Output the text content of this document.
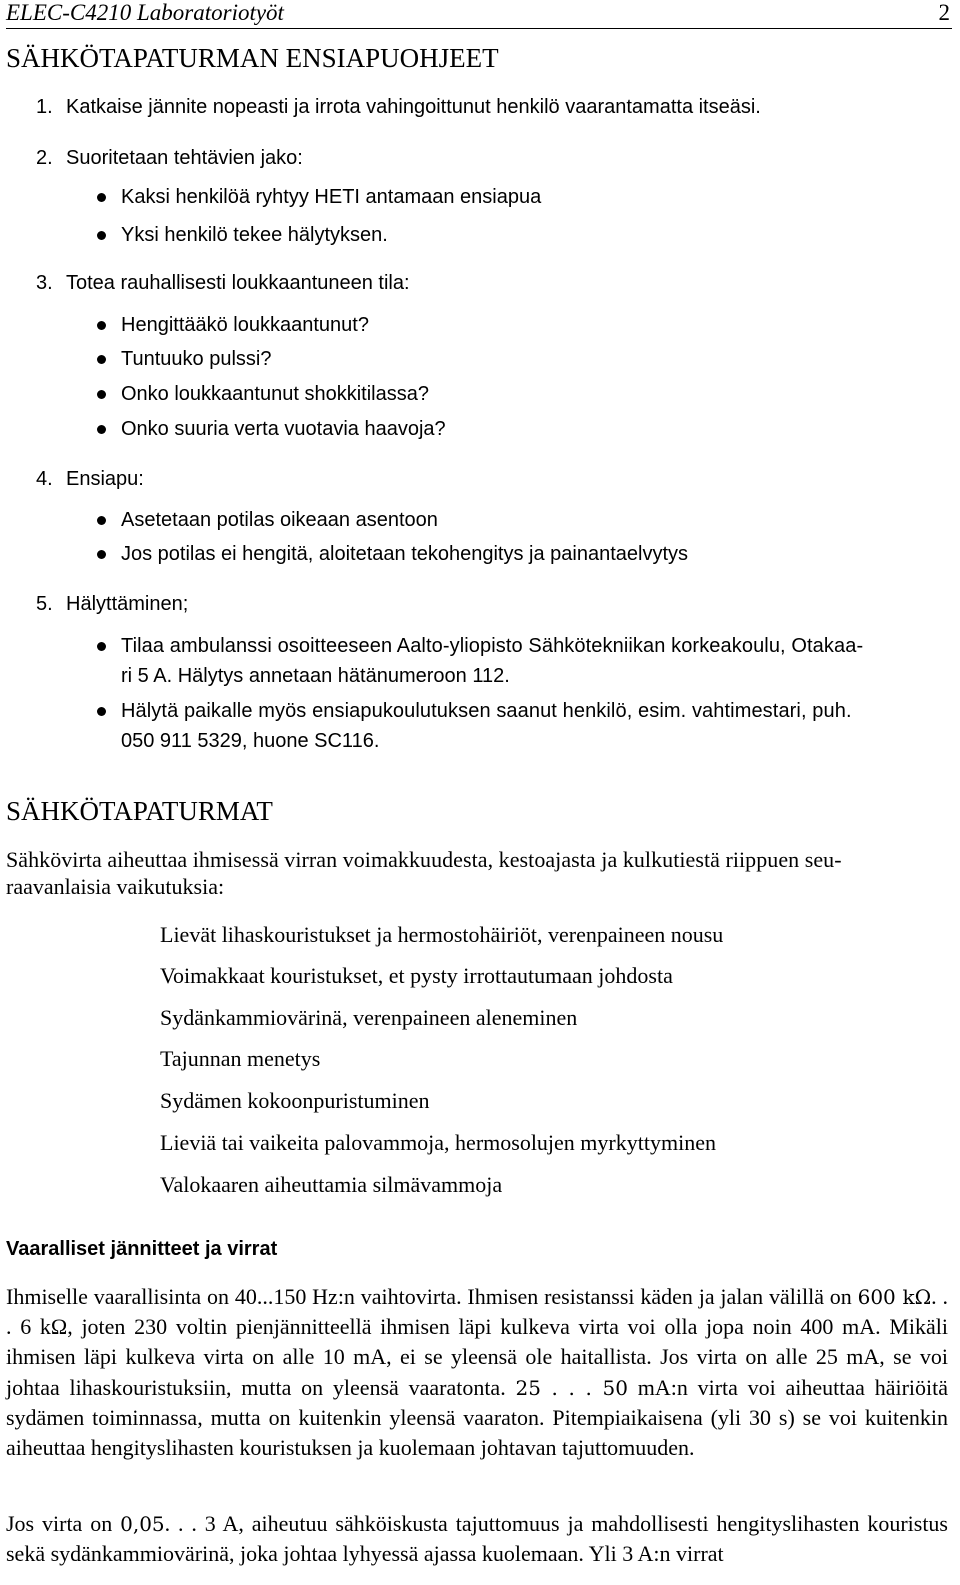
ELEC-C4210 Laboratoriotyöt	2
SÄHKÖTAPATURMAN ENSIAPUOHJEET
1. Katkaise jännite nopeasti ja irrota vahingoittunut henkilö vaarantamatta itseäsi.
2. Suoritetaan tehtävien jako:
Kaksi henkilöä ryhtyy HETI antamaan ensiapua
Yksi henkilö tekee hälytyksen.
3. Totea rauhallisesti loukkaantuneen tila:
Hengittääkö loukkaantunut?
Tuntuuko pulssi?
Onko loukkaantunut shokkitilassa?
Onko suuria verta vuotavia haavoja?
4. Ensiapu:
Asetetaan potilas oikeaan asentoon
Jos potilas ei hengitä, aloitetaan tekohengitys ja painantaelvytys
5. Hälyttäminen;
Tilaa ambulanssi osoitteeseen Aalto-yliopisto Sähkötekniikan korkeakoulu, Otakaa-
ri 5 A. Hälytys annetaan hätänumeroon 112.
Hälytä paikalle myös ensiapukoulutuksen saanut henkilö, esim. vahtimestari, puh.
050 911 5329, huone SC116.
SÄHKÖTAPATURMAT
Sähkövirta aiheuttaa ihmisessä virran voimakkuudesta, kestoajasta ja kulkutiestä riippuen seu-
raavanlaisia vaikutuksia:
Lievät lihaskouristukset ja hermostohäiriöt, verenpaineen nousu
Voimakkaat kouristukset, et pysty irrottautumaan johdosta
Sydänkammiovärinä, verenpaineen aleneminen
Tajunnan menetys
Sydämen kokoonpuristuminen
Lieviä tai vaikeita palovammoja, hermosolujen myrkyttyminen
Valokaaren aiheuttamia silmävammoja
Vaaralliset jännitteet ja virrat

Ihmiselle vaarallisinta on 40...150 Hz:n vaihtovirta. Ihmisen resistanssi käden ja jalan välillä on 600 kΩ. . . 6 kΩ, joten 230 voltin pienjännitteellä ihmisen läpi kulkeva virta voi olla jopa noin 400 mA. Mikäli ihmisen läpi kulkeva virta on alle 10 mA, ei se yleensä ole haitallista. Jos virta on alle 25 mA, se voi johtaa lihaskouristuksiin, mutta on yleensä vaaratonta. 25 . . . 50 mA:n virta voi aiheuttaa häiriöitä sydämen toiminnassa, mutta on kuitenkin yleensä vaaraton. Pitempiaikaisena (yli 30 s) se voi kuitenkin aiheuttaa hengityslihasten kouristuksen ja kuolemaan johtavan tajuttomuuden.

Jos virta on 0,05. . . 3 A, aiheutuu sähköiskusta tajuttomuus ja mahdollisesti hengityslihasten kouristus sekä sydänkammiovärinä, joka johtaa lyhyessä ajassa kuolemaan. Yli 3 A:n virrat
